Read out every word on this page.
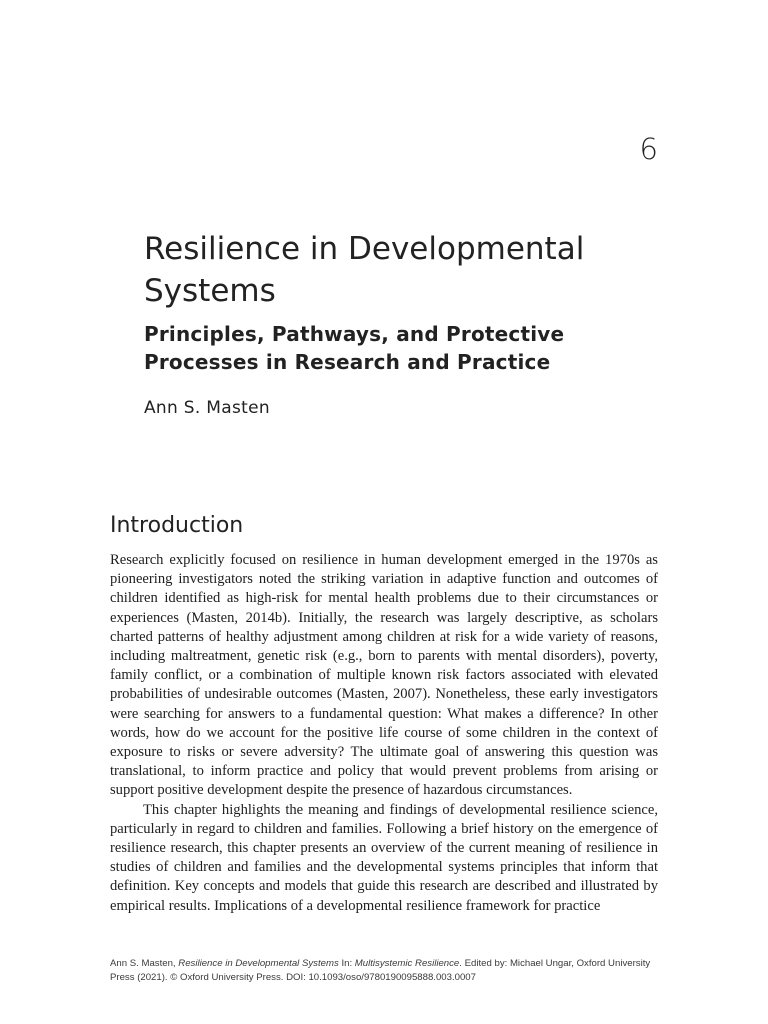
6
Resilience in Developmental Systems
Principles, Pathways, and Protective Processes in Research and Practice
Ann S. Masten
Introduction

Research explicitly focused on resilience in human development emerged in the 1970s as pioneering investigators noted the striking variation in adaptive function and outcomes of children identified as high-risk for mental health problems due to their circumstances or experiences (Masten, 2014b). Initially, the research was largely descriptive, as scholars charted patterns of healthy adjustment among children at risk for a wide variety of reasons, including maltreatment, genetic risk (e.g., born to parents with mental disorders), poverty, family conflict, or a combination of multiple known risk factors associated with elevated probabilities of undesirable outcomes (Masten, 2007). Nonetheless, these early investigators were searching for answers to a fundamental question: What makes a difference? In other words, how do we account for the positive life course of some children in the context of exposure to risks or severe adversity? The ultimate goal of answering this question was translational, to inform practice and policy that would prevent problems from arising or support positive development despite the presence of hazardous circumstances.

This chapter highlights the meaning and findings of developmental resilience science, particularly in regard to children and families. Following a brief history on the emergence of resilience research, this chapter presents an overview of the current meaning of resilience in studies of children and families and the developmental systems principles that inform that definition. Key concepts and models that guide this research are described and illustrated by empirical results. Implications of a developmental resilience framework for practice

Ann S. Masten, Resilience in Developmental Systems In: Multisystemic Resilience. Edited by: Michael Ungar, Oxford University Press (2021). © Oxford University Press. DOI: 10.1093/oso/9780190095888.003.0007
